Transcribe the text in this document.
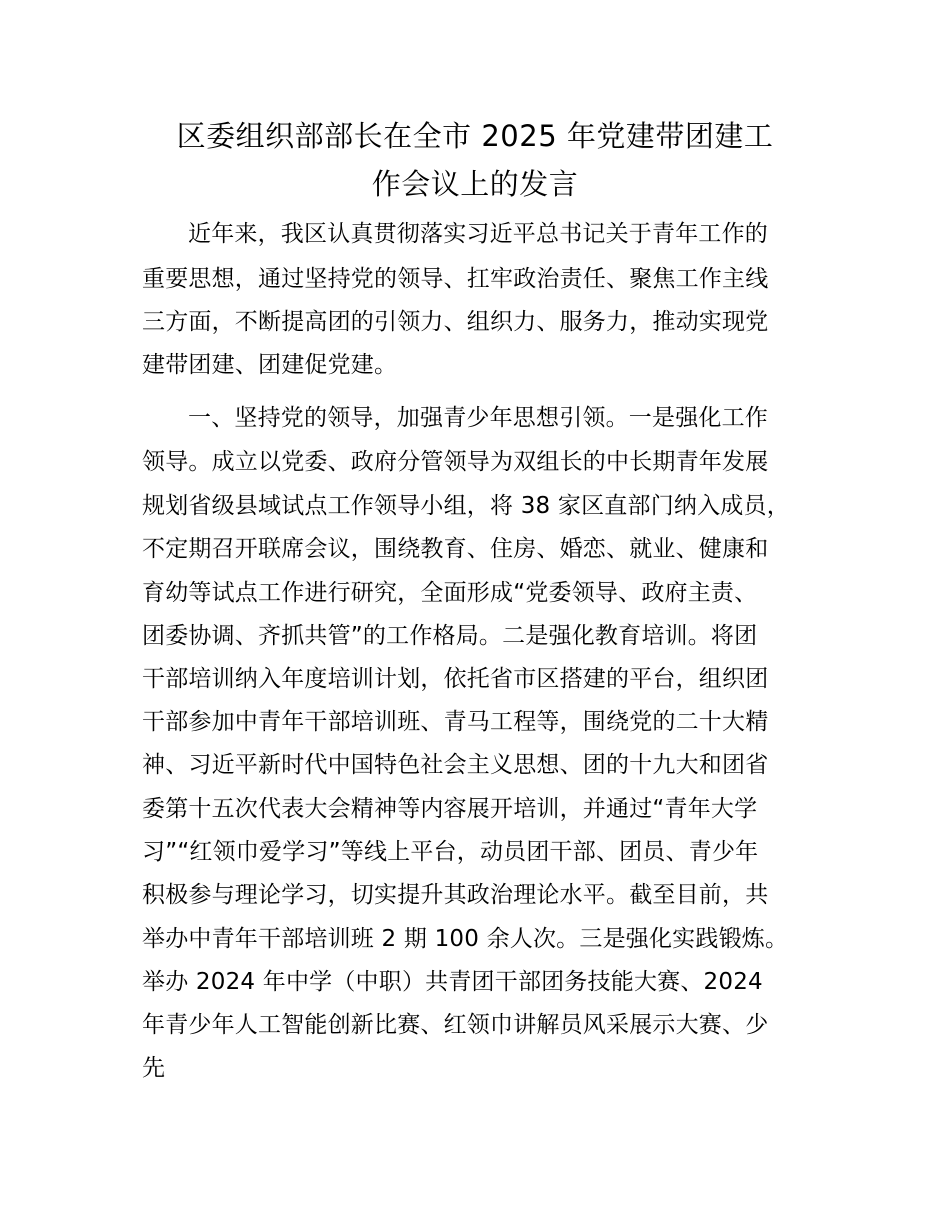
区委组织部部长在全市 2025 年党建带团建工
作会议上的发言
近年来，我区认真贯彻落实习近平总书记关于青年工作的
重要思想，通过坚持党的领导、扛牢政治责任、聚焦工作主线
三方面，不断提高团的引领力、组织力、服务力，推动实现党
建带团建、团建促党建。
一、坚持党的领导，加强青少年思想引领。一是强化工作
领导。成立以党委、政府分管领导为双组长的中长期青年发展
规划省级县域试点工作领导小组，将 38 家区直部门纳入成员，
不定期召开联席会议，围绕教育、住房、婚恋、就业、健康和
育幼等试点工作进行研究，全面形成“党委领导、政府主责、
团委协调、齐抓共管”的工作格局。二是强化教育培训。将团
干部培训纳入年度培训计划，依托省市区搭建的平台，组织团
干部参加中青年干部培训班、青马工程等，围绕党的二十大精
神、习近平新时代中国特色社会主义思想、团的十九大和团省
委第十五次代表大会精神等内容展开培训，并通过“青年大学
习”“红领巾爱学习”等线上平台，动员团干部、团员、青少年
积极参与理论学习，切实提升其政治理论水平。截至目前，共
举办中青年干部培训班 2 期 100 余人次。三是强化实践锻炼。
举办 2024 年中学（中职）共青团干部团务技能大赛、2024
年青少年人工智能创新比赛、红领巾讲解员风采展示大赛、少
先
